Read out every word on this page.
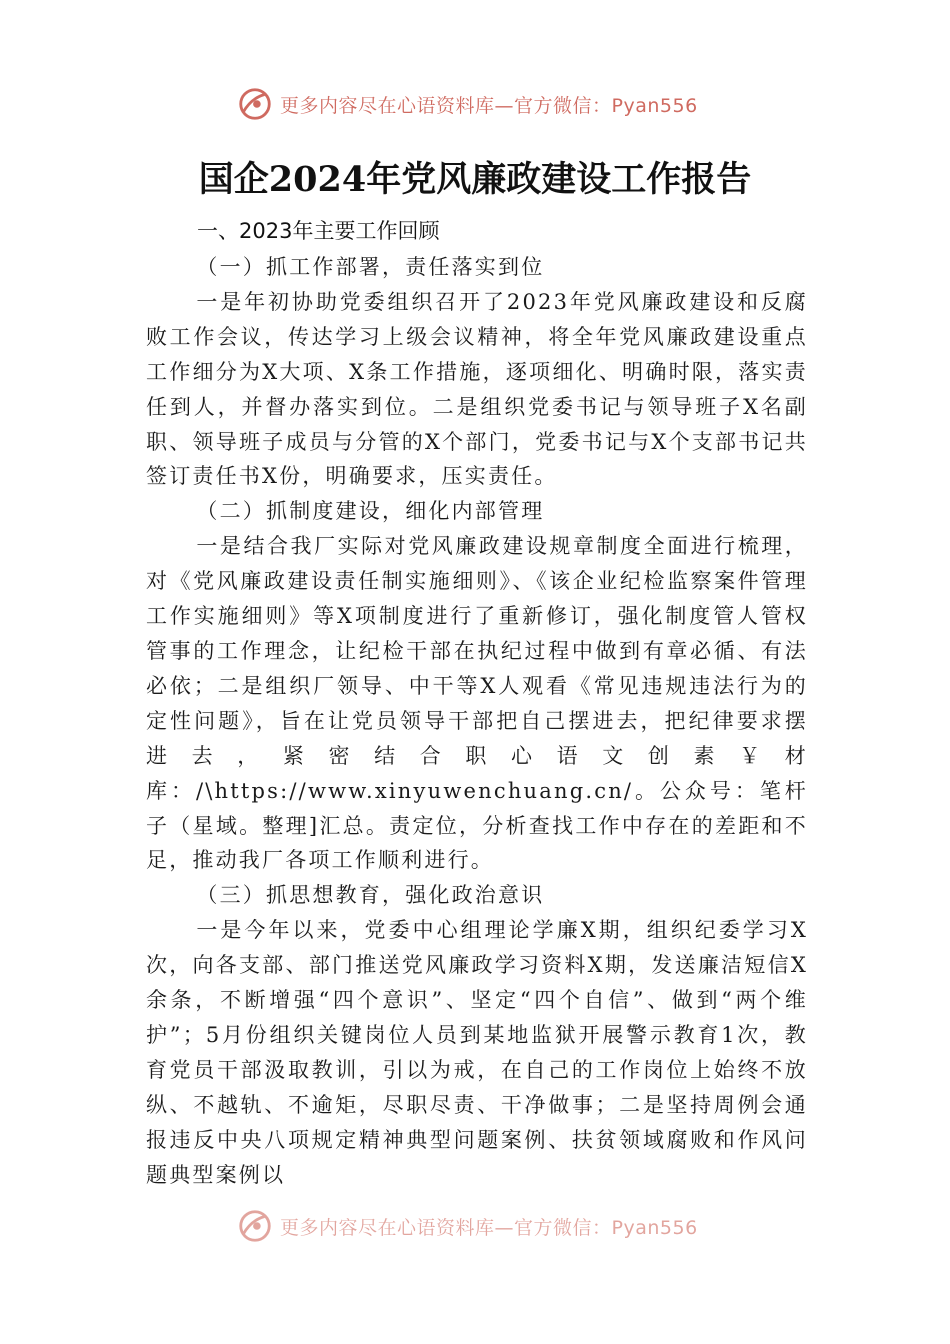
更多内容尽在心语资料库—官方微信：Pyan556
国企2024年党风廉政建设工作报告
一、2023年主要工作回顾

（一）抓工作部署，责任落实到位

一是年初协助党委组织召开了2023年党风廉政建设和反腐败工作会议，传达学习上级会议精神，将全年党风廉政建设重点工作细分为X大项、X条工作措施，逐项细化、明确时限，落实责任到人，并督办落实到位。二是组织党委书记与领导班子X名副职、领导班子成员与分管的X个部门，党委书记与X个支部书记共签订责任书X份，明确要求，压实责任。

（二）抓制度建设，细化内部管理

一是结合我厂实际对党风廉政建设规章制度全面进行梳理，对《党风廉政建设责任制实施细则》、《该企业纪检监察案件管理工作实施细则》等X项制度进行了重新修订，强化制度管人管权管事的工作理念，让纪检干部在执纪过程中做到有章必循、有法必依；二是组织厂领导、中干等X人观看《常见违规违法行为的定性问题》，旨在让党员领导干部把自己摆进去，把纪律要求摆进去，紧密结合职心语文创素￥材库：/\https://www.xinyuwenchuang.cn/。公众号：笔杆子（星域。整理]汇总。责定位，分析查找工作中存在的差距和不足，推动我厂各项工作顺利进行。

（三）抓思想教育，强化政治意识

一是今年以来，党委中心组理论学廉X期，组织纪委学习X次，向各支部、部门推送党风廉政学习资料X期，发送廉洁短信X余条，不断增强“四个意识”、坚定“四个自信”、做到“两个维护”；5月份组织关键岗位人员到某地监狱开展警示教育1次，教育党员干部汲取教训，引以为戒，在自己的工作岗位上始终不放纵、不越轨、不逾矩，尽职尽责、干净做事；二是坚持周例会通报违反中央八项规定精神典型问题案例、扶贫领域腐败和作风问题典型案例以

更多内容尽在心语资料库—官方微信：Pyan556
